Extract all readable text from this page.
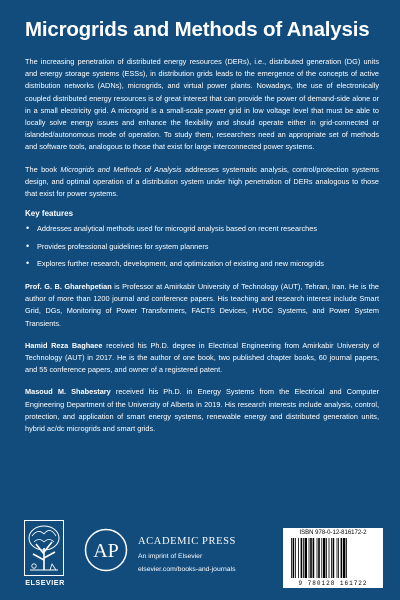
Microgrids and Methods of Analysis

The increasing penetration of distributed energy resources (DERs), i.e., distributed generation (DG) units and energy storage systems (ESSs), in distribution grids leads to the emergence of the concepts of active distribution networks (ADNs), microgrids, and virtual power plants. Nowadays, the use of electronically coupled distributed energy resources is of great interest that can provide the power of demand-side alone or in a small electricity grid. A microgrid is a small-scale power grid in low voltage level that must be able to locally solve energy issues and enhance the flexibility and should operate either in grid-connected or islanded/autonomous mode of operation. To study them, researchers need an appropriate set of methods and software tools, analogous to those that exist for large interconnected power systems.

The book Microgrids and Methods of Analysis addresses systematic analysis, control/protection systems design, and optimal operation of a distribution system under high penetration of DERs analogous to those that exist for power systems.

Key features
• Addresses analytical methods used for microgrid analysis based on recent researches
• Provides professional guidelines for system planners
• Explores further research, development, and optimization of existing and new microgrids

Prof. G. B. Gharehpetian is Professor at Amirkabir University of Technology (AUT), Tehran, Iran. He is the author of more than 1200 journal and conference papers. His teaching and research interest include Smart Grid, DGs, Monitoring of Power Transformers, FACTS Devices, HVDC Systems, and Power System Transients.

Hamid Reza Baghaee received his Ph.D. degree in Electrical Engineering from Amirkabir University of Technology (AUT) in 2017. He is the author of one book, two published chapter books, 60 journal papers, and 55 conference papers, and owner of a registered patent.

Masoud M. Shabestary received his Ph.D. in Energy Systems from the Electrical and Computer Engineering Department of the University of Alberta in 2019. His research interests include analysis, control, protection, and application of smart energy systems, renewable energy and distributed generation units, hybrid ac/dc microgrids and smart grids.

ELSEVIER
AP ACADEMIC PRESS
An imprint of Elsevier
elsevier.com/books-and-journals
ISBN 978-0-12-816172-2
9 780128 161722
